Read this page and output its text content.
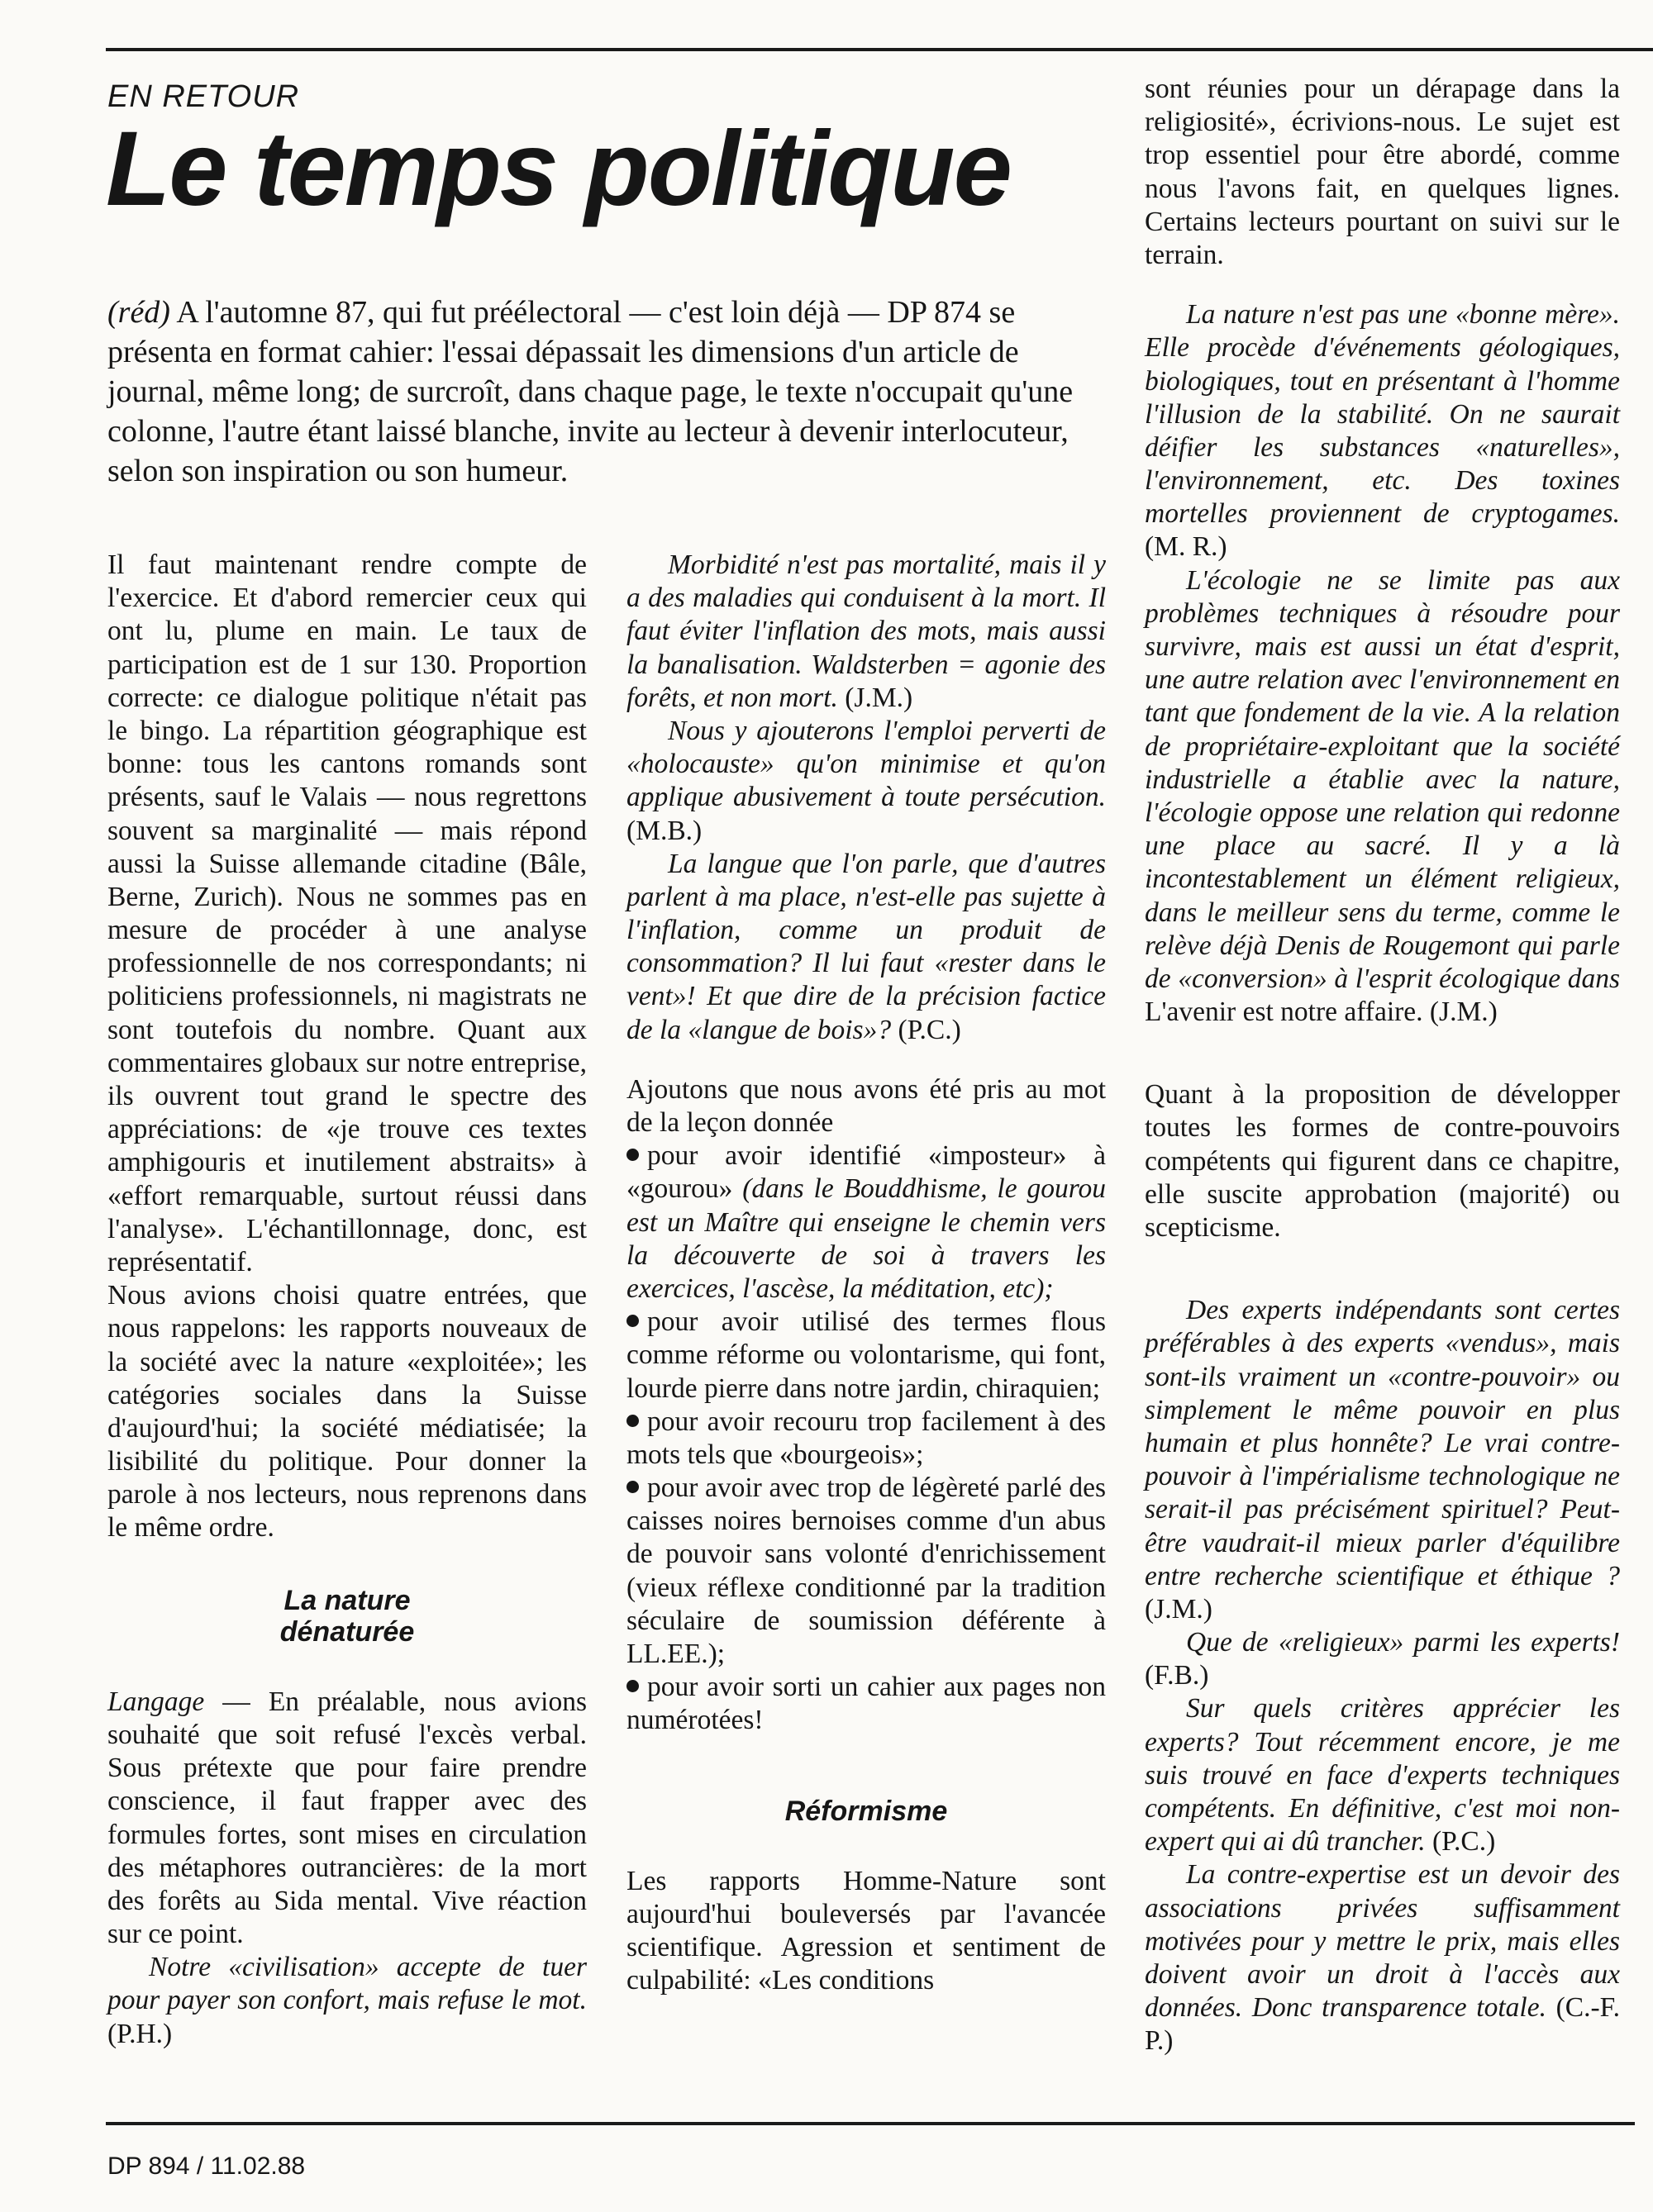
EN RETOUR
Le temps politique

(réd) A l'automne 87, qui fut préélectoral — c'est loin déjà — DP 874 se présenta en format cahier: l'essai dépassait les dimensions d'un article de journal, même long; de surcroît, dans chaque page, le texte n'occupait qu'une colonne, l'autre étant laissé blanche, invite au lecteur à devenir interlocuteur, selon son inspiration ou son humeur.

Il faut maintenant rendre compte de l'exercice. Et d'abord remercier ceux qui ont lu, plume en main. Le taux de participation est de 1 sur 130. Proportion correcte: ce dialogue politique n'était pas le bingo. La répartition géographique est bonne: tous les cantons romands sont présents, sauf le Valais — nous regrettons souvent sa marginalité — mais répond aussi la Suisse allemande citadine (Bâle, Berne, Zurich). Nous ne sommes pas en mesure de procéder à une analyse professionnelle de nos correspondants; ni politiciens professionnels, ni magistrats ne sont toutefois du nombre. Quant aux commentaires globaux sur notre entreprise, ils ouvrent tout grand le spectre des appréciations: de «je trouve ces textes amphigouris et inutilement abstraits» à «effort remarquable, surtout réussi dans l'analyse». L'échantillonnage, donc, est représentatif.

Nous avions choisi quatre entrées, que nous rappelons: les rapports nouveaux de la société avec la nature «exploitée»; les catégories sociales dans la Suisse d'aujourd'hui; la société médiatisée; la lisibilité du politique. Pour donner la parole à nos lecteurs, nous reprenons dans le même ordre.

La nature
dénaturée

Langage — En préalable, nous avions souhaité que soit refusé l'excès verbal. Sous prétexte que pour faire prendre conscience, il faut frapper avec des formules fortes, sont mises en circulation des métaphores outrancières: de la mort des forêts au Sida mental. Vive réaction sur ce point.

Notre «civilisation» accepte de tuer pour payer son confort, mais refuse le mot. (P.H.)

Morbidité n'est pas mortalité, mais il y a des maladies qui conduisent à la mort. Il faut éviter l'inflation des mots, mais aussi la banalisation. Waldsterben = agonie des forêts, et non mort. (J.M.)

Nous y ajouterons l'emploi perverti de «holocauste» qu'on minimise et qu'on applique abusivement à toute persécution. (M.B.)

La langue que l'on parle, que d'autres parlent à ma place, n'est-elle pas sujette à l'inflation, comme un produit de consommation? Il lui faut «rester dans le vent»! Et que dire de la précision factice de la «langue de bois»? (P.C.)

Ajoutons que nous avons été pris au mot de la leçon donnée

pour avoir identifié «imposteur» à «gourou» (dans le Bouddhisme, le gourou est un Maître qui enseigne le chemin vers la découverte de soi à travers les exercices, l'ascèse, la méditation, etc);

pour avoir utilisé des termes flous comme réforme ou volontarisme, qui font, lourde pierre dans notre jardin, chiraquien;

pour avoir recouru trop facilement à des mots tels que «bourgeois»;

pour avoir avec trop de légèreté parlé des caisses noires bernoises comme d'un abus de pouvoir sans volonté d'enrichissement (vieux réflexe conditionné par la tradition séculaire de soumission déférente à LL.EE.);

pour avoir sorti un cahier aux pages non numérotées!

Réformisme

Les rapports Homme-Nature sont aujourd'hui bouleversés par l'avancée scientifique. Agression et sentiment de culpabilité: «Les conditions

sont réunies pour un dérapage dans la religiosité», écrivions-nous. Le sujet est trop essentiel pour être abordé, comme nous l'avons fait, en quelques lignes. Certains lecteurs pourtant on suivi sur le terrain.

La nature n'est pas une «bonne mère». Elle procède d'événements géologiques, biologiques, tout en présentant à l'homme l'illusion de la stabilité. On ne saurait déifier les substances «naturelles», l'environnement, etc. Des toxines mortelles proviennent de cryptogames. (M. R.)

L'écologie ne se limite pas aux problèmes techniques à résoudre pour survivre, mais est aussi un état d'esprit, une autre relation avec l'environnement en tant que fondement de la vie. A la relation de propriétaire-exploitant que la société industrielle a établie avec la nature, l'écologie oppose une relation qui redonne une place au sacré. Il y a là incontestablement un élément religieux, dans le meilleur sens du terme, comme le relève déjà Denis de Rougemont qui parle de «conversion» à l'esprit écologique dans L'avenir est notre affaire. (J.M.)

Quant à la proposition de développer toutes les formes de contre-pouvoirs compétents qui figurent dans ce chapitre, elle suscite approbation (majorité) ou scepticisme.

Des experts indépendants sont certes préférables à des experts «vendus», mais sont-ils vraiment un «contre-pouvoir» ou simplement le même pouvoir en plus humain et plus honnête? Le vrai contre-pouvoir à l'impérialisme technologique ne serait-il pas précisément spirituel? Peut-être vaudrait-il mieux parler d'équilibre entre recherche scientifique et éthique ? (J.M.)

Que de «religieux» parmi les experts! (F.B.)

Sur quels critères apprécier les experts? Tout récemment encore, je me suis trouvé en face d'experts techniques compétents. En définitive, c'est moi non-expert qui ai dû trancher. (P.C.)

La contre-expertise est un devoir des associations privées suffisamment motivées pour y mettre le prix, mais elles doivent avoir un droit à l'accès aux données. Donc transparence totale. (C.-F. P.)

DP 894 / 11.02.88
